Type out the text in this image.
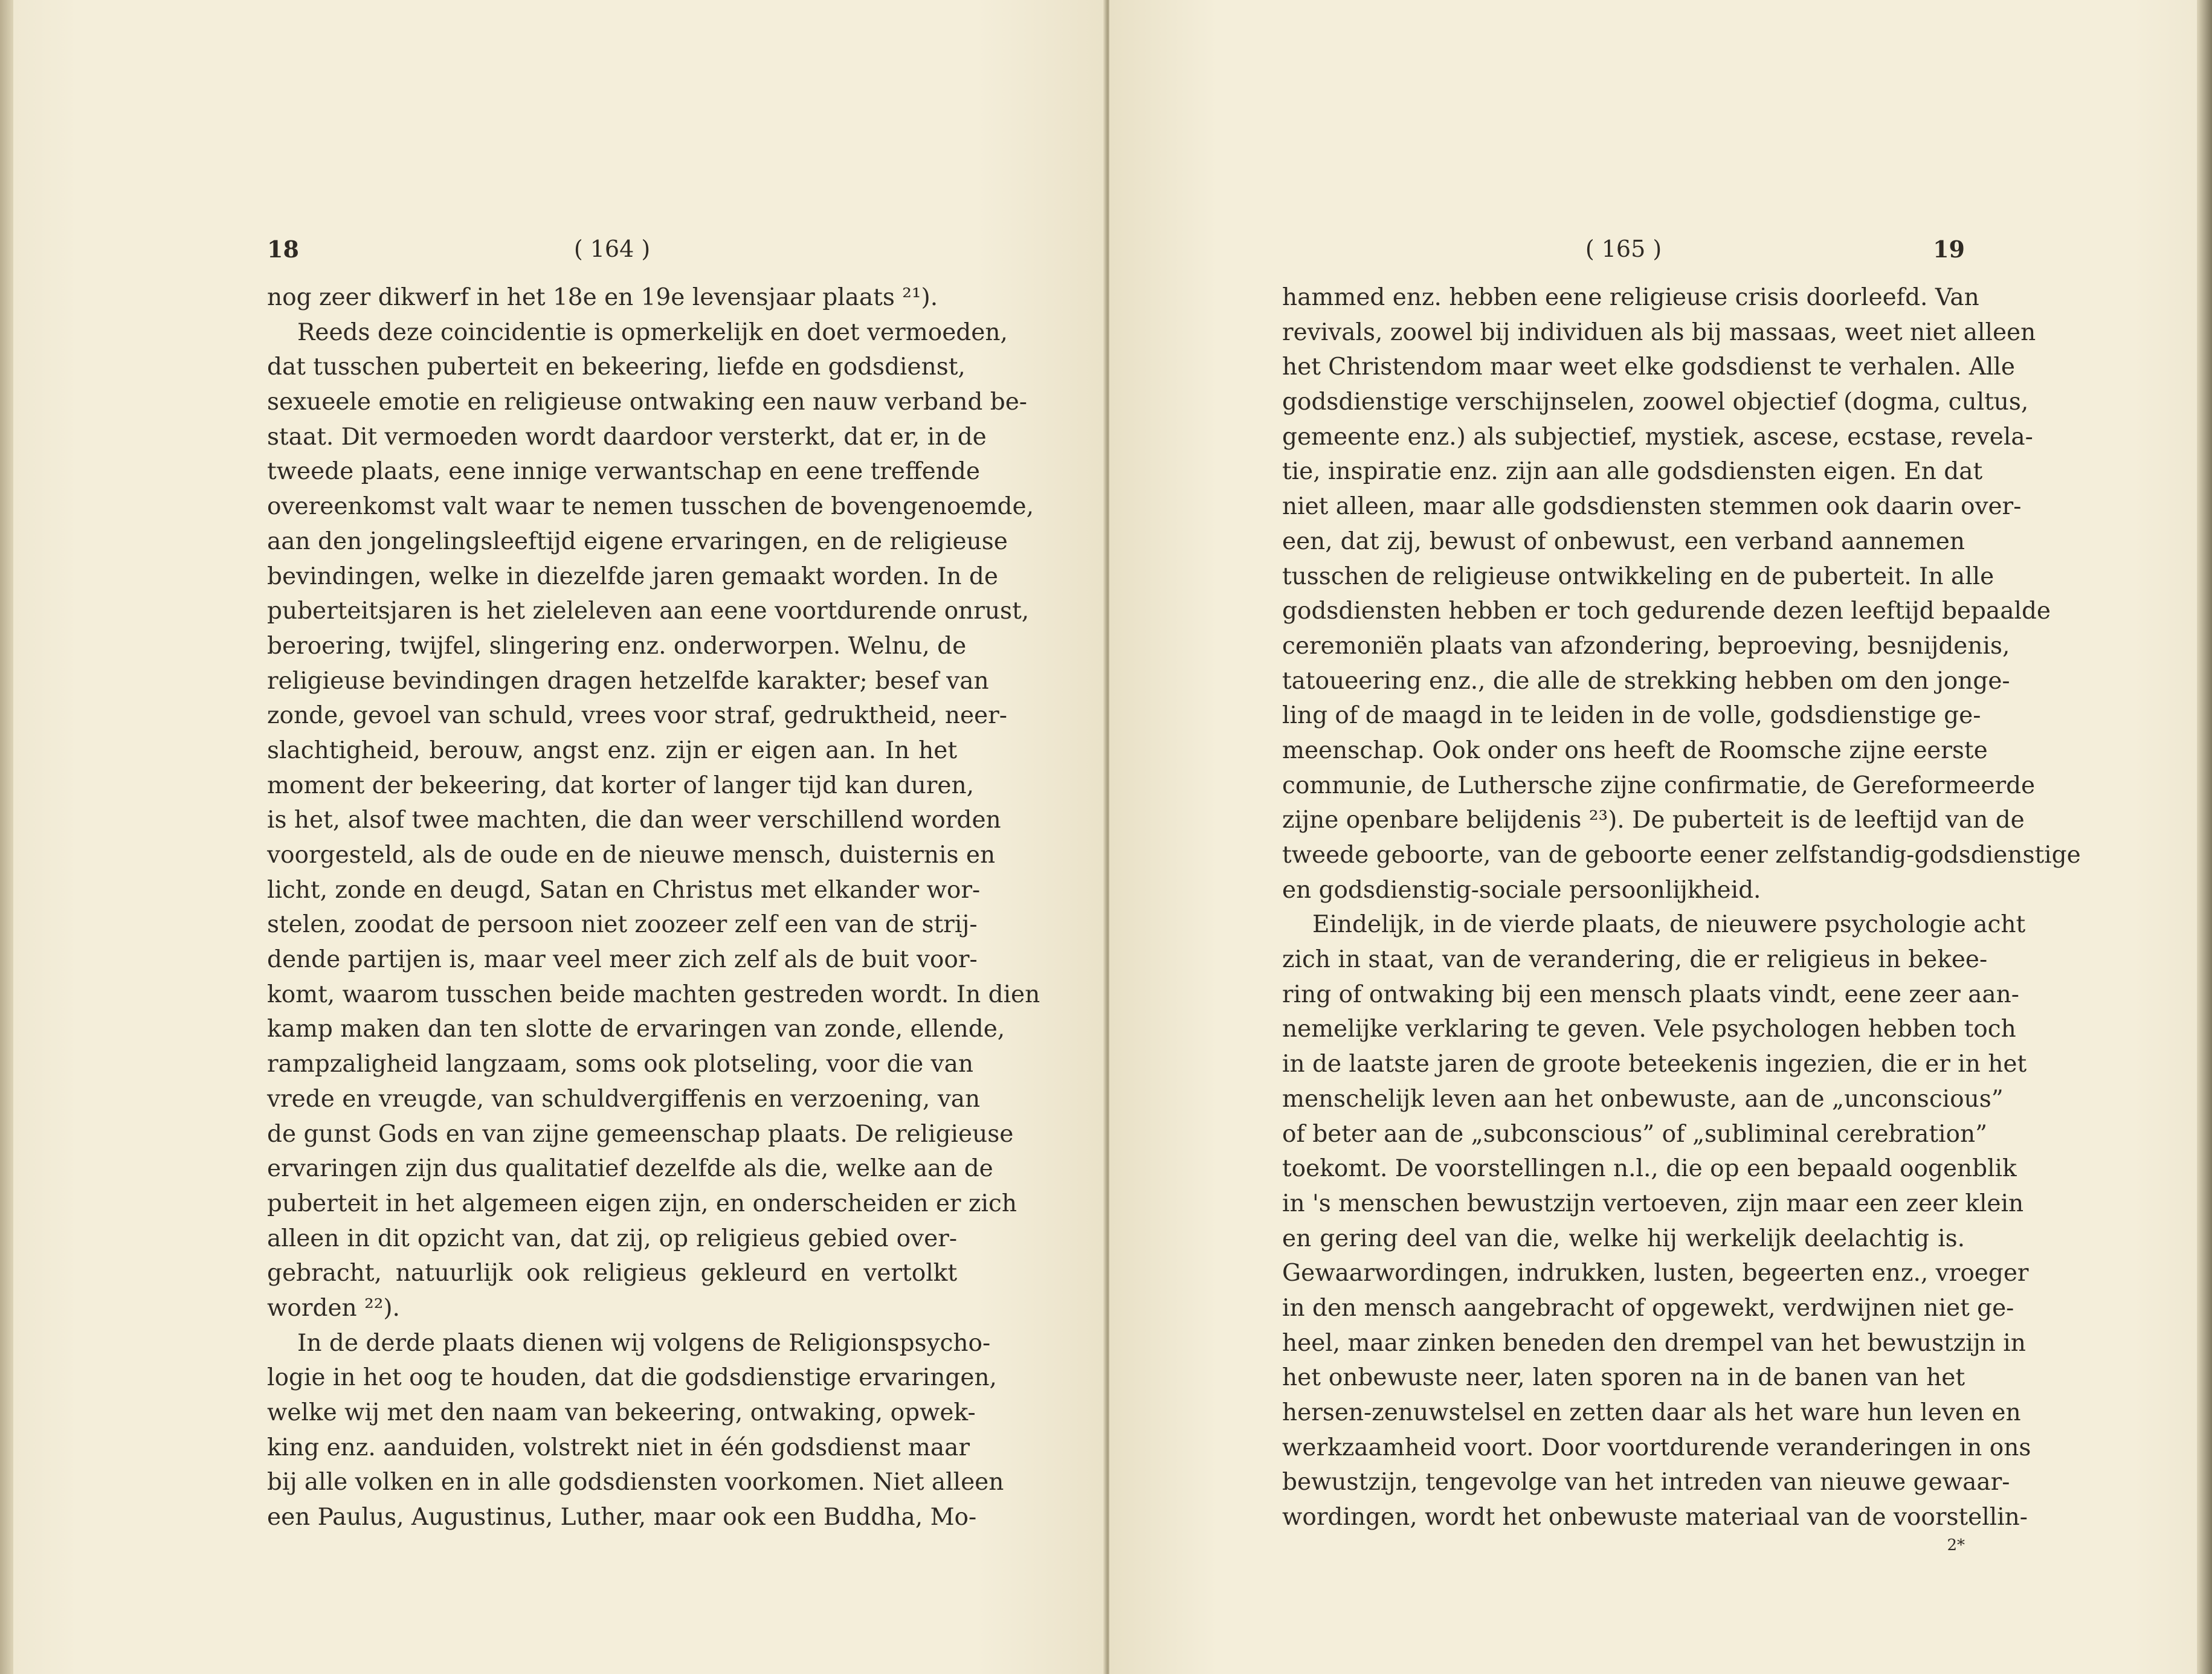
( 164 )
18
nog zeer dikwerf in het 18e en 19e levensjaar plaats ²¹).
Reeds deze coincidentie is opmerkelijk en doet vermoeden,
dat tusschen puberteit en bekeering, liefde en godsdienst,
sexueele emotie en religieuse ontwaking een nauw verband be-
staat. Dit vermoeden wordt daardoor versterkt, dat er, in de
tweede plaats, eene innige verwantschap en eene treffende
overeenkomst valt waar te nemen tusschen de bovengenoemde,
aan den jongelingsleeftijd eigene ervaringen, en de religieuse
bevindingen, welke in diezelfde jaren gemaakt worden. In de
puberteitsjaren is het zieleleven aan eene voortdurende onrust,
beroering, twijfel, slingering enz. onderworpen. Welnu, de
religieuse bevindingen dragen hetzelfde karakter; besef van
zonde, gevoel van schuld, vrees voor straf, gedruktheid, neer-
slachtigheid, berouw, angst enz. zijn er eigen aan. In het
moment der bekeering, dat korter of langer tijd kan duren,
is het, alsof twee machten, die dan weer verschillend worden
voorgesteld, als de oude en de nieuwe mensch, duisternis en
licht, zonde en deugd, Satan en Christus met elkander wor-
stelen, zoodat de persoon niet zoozeer zelf een van de strij-
dende partijen is, maar veel meer zich zelf als de buit voor-
komt, waarom tusschen beide machten gestreden wordt. In dien
kamp maken dan ten slotte de ervaringen van zonde, ellende,
rampzaligheid langzaam, soms ook plotseling, voor die van
vrede en vreugde, van schuldvergiffenis en verzoening, van
de gunst Gods en van zijne gemeenschap plaats. De religieuse
ervaringen zijn dus qualitatief dezelfde als die, welke aan de
puberteit in het algemeen eigen zijn, en onderscheiden er zich
alleen in dit opzicht van, dat zij, op religieus gebied over-
gebracht, natuurlijk ook religieus gekleurd en vertolkt
worden ²²).
In de derde plaats dienen wij volgens de Religionspsycho-
logie in het oog te houden, dat die godsdienstige ervaringen,
welke wij met den naam van bekeering, ontwaking, opwek-
king enz. aanduiden, volstrekt niet in één godsdienst maar
bij alle volken en in alle godsdiensten voorkomen. Niet alleen
een Paulus, Augustinus, Luther, maar ook een Buddha, Mo-
( 165 )	19
hammed enz. hebben eene religieuse crisis doorleefd. Van
revivals, zoowel bij individuen als bij massaas, weet niet alleen
het Christendom maar weet elke godsdienst te verhalen. Alle
godsdienstige verschijnselen, zoowel objectief (dogma, cultus,
gemeente enz.) als subjectief, mystiek, ascese, ecstase, revela-
tie, inspiratie enz. zijn aan alle godsdiensten eigen. En dat
niet alleen, maar alle godsdiensten stemmen ook daarin over-
een, dat zij, bewust of onbewust, een verband aannemen
tusschen de religieuse ontwikkeling en de puberteit. In alle
godsdiensten hebben er toch gedurende dezen leeftijd bepaalde
ceremoniën plaats van afzondering, beproeving, besnijdenis,
tatoueering enz., die alle de strekking hebben om den jonge-
ling of de maagd in te leiden in de volle, godsdienstige ge-
meenschap. Ook onder ons heeft de Roomsche zijne eerste
communie, de Luthersche zijne confirmatie, de Gereformeerde
zijne openbare belijdenis ²³). De puberteit is de leeftijd van de
tweede geboorte, van de geboorte eener zelfstandig-godsdienstige
en godsdienstig-sociale persoonlijkheid.
Eindelijk, in de vierde plaats, de nieuwere psychologie acht
zich in staat, van de verandering, die er religieus in bekee-
ring of ontwaking bij een mensch plaats vindt, eene zeer aan-
nemelijke verklaring te geven. Vele psychologen hebben toch
in de laatste jaren de groote beteekenis ingezien, die er in het
menschelijk leven aan het onbewuste, aan de „unconscious”
of beter aan de „subconscious” of „subliminal cerebration”
toekomt. De voorstellingen n.l., die op een bepaald oogenblik
in 's menschen bewustzijn vertoeven, zijn maar een zeer klein
en gering deel van die, welke hij werkelijk deelachtig is.
Gewaarwordingen, indrukken, lusten, begeerten enz., vroeger
in den mensch aangebracht of opgewekt, verdwijnen niet ge-
heel, maar zinken beneden den drempel van het bewustzijn in
het onbewuste neer, laten sporen na in de banen van het
hersen-zenuwstelsel en zetten daar als het ware hun leven en
werkzaamheid voort. Door voortdurende veranderingen in ons
bewustzijn, tengevolge van het intreden van nieuwe gewaar-
wordingen, wordt het onbewuste materiaal van de voorstellin-
2*
